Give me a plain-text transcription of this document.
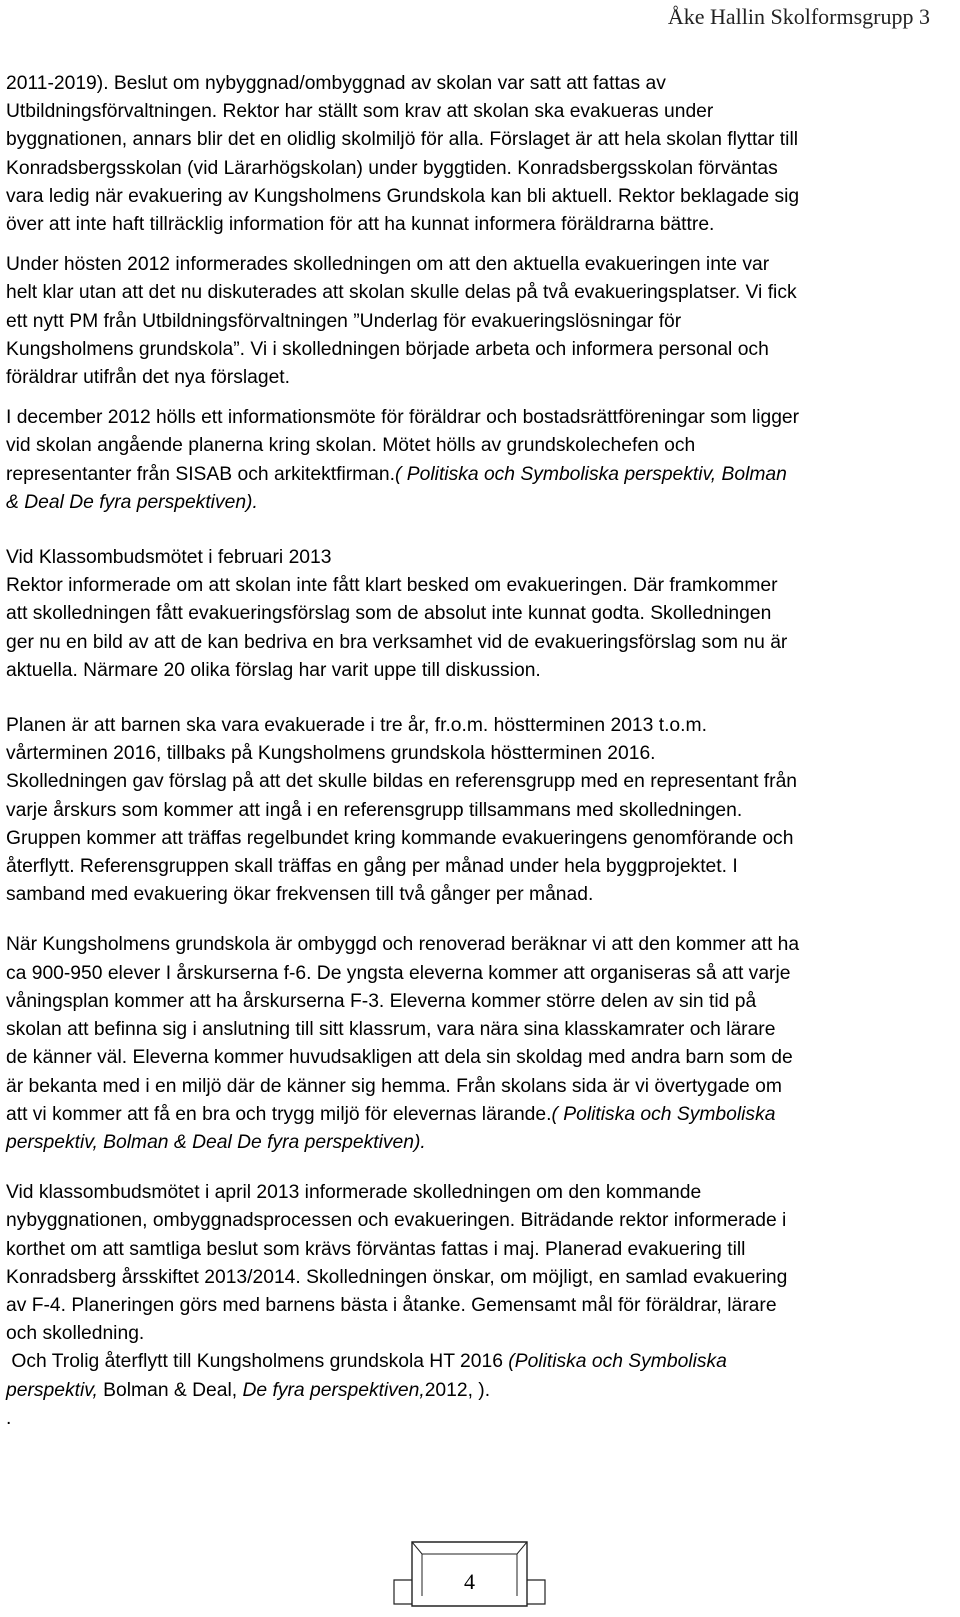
Åke Hallin Skolformsgrupp 3

2011-2019). Beslut om nybyggnad/ombyggnad av skolan var satt att fattas av
Utbildningsförvaltningen. Rektor har ställt som krav att skolan ska evakueras under
byggnationen, annars blir det en olidlig skolmiljö för alla. Förslaget är att hela skolan flyttar till
Konradsbergsskolan (vid Lärarhögskolan) under byggtiden. Konradsbergsskolan förväntas
vara ledig när evakuering av Kungsholmens Grundskola kan bli aktuell. Rektor beklagade sig
över att inte haft tillräcklig information för att ha kunnat informera föräldrarna bättre.

Under hösten 2012 informerades skolledningen om att den aktuella evakueringen inte var
helt klar utan att det nu diskuterades att skolan skulle delas på två evakueringsplatser. Vi fick
ett nytt PM från Utbildningsförvaltningen ”Underlag för evakueringslösningar för
Kungsholmens grundskola”. Vi i skolledningen började arbeta och informera personal och
föräldrar utifrån det nya förslaget.

I december 2012 hölls ett informationsmöte för föräldrar och bostadsrättföreningar som ligger
vid skolan angående planerna kring skolan. Mötet hölls av grundskolechefen och
representanter från SISAB och arkitektfirman.( Politiska och Symboliska perspektiv, Bolman
& Deal De fyra perspektiven).

Vid Klassombudsmötet i februari 2013
Rektor informerade om att skolan inte fått klart besked om evakueringen. Där framkommer
att skolledningen fått evakueringsförslag som de absolut inte kunnat godta. Skolledningen
ger nu en bild av att de kan bedriva en bra verksamhet vid de evakueringsförslag som nu är
aktuella. Närmare 20 olika förslag har varit uppe till diskussion.

Planen är att barnen ska vara evakuerade i tre år, fr.o.m. höstterminen 2013 t.o.m.
vårterminen 2016, tillbaks på Kungsholmens grundskola höstterminen 2016.
Skolledningen gav förslag på att det skulle bildas en referensgrupp med en representant från
varje årskurs som kommer att ingå i en referensgrupp tillsammans med skolledningen.
Gruppen kommer att träffas regelbundet kring kommande evakueringens genomförande och
återflytt. Referensgruppen skall träffas en gång per månad under hela byggprojektet. I
samband med evakuering ökar frekvensen till två gånger per månad.

När Kungsholmens grundskola är ombyggd och renoverad beräknar vi att den kommer att ha
ca 900-950 elever I årskurserna f-6. De yngsta eleverna kommer att organiseras så att varje
våningsplan kommer att ha årskurserna F-3. Eleverna kommer större delen av sin tid på
skolan att befinna sig i anslutning till sitt klassrum, vara nära sina klasskamrater och lärare
de känner väl. Eleverna kommer huvudsakligen att dela sin skoldag med andra barn som de
är bekanta med i en miljö där de känner sig hemma. Från skolans sida är vi övertygade om
att vi kommer att få en bra och trygg miljö för elevernas lärande.( Politiska och Symboliska
perspektiv, Bolman & Deal De fyra perspektiven).

Vid klassombudsmötet i april 2013 informerade skolledningen om den kommande
nybyggnationen, ombyggnadsprocessen och evakueringen. Biträdande rektor informerade i
korthet om att samtliga beslut som krävs förväntas fattas i maj. Planerad evakuering till
Konradsberg årsskiftet 2013/2014. Skolledningen önskar, om möjligt, en samlad evakuering
av F-4. Planeringen görs med barnens bästa i åtanke. Gemensamt mål för föräldrar, lärare
och skolledning.
Och Trolig återflytt till Kungsholmens grundskola HT 2016 (Politiska och Symboliska
perspektiv, Bolman & Deal, De fyra perspektiven,2012, ).
.

4
